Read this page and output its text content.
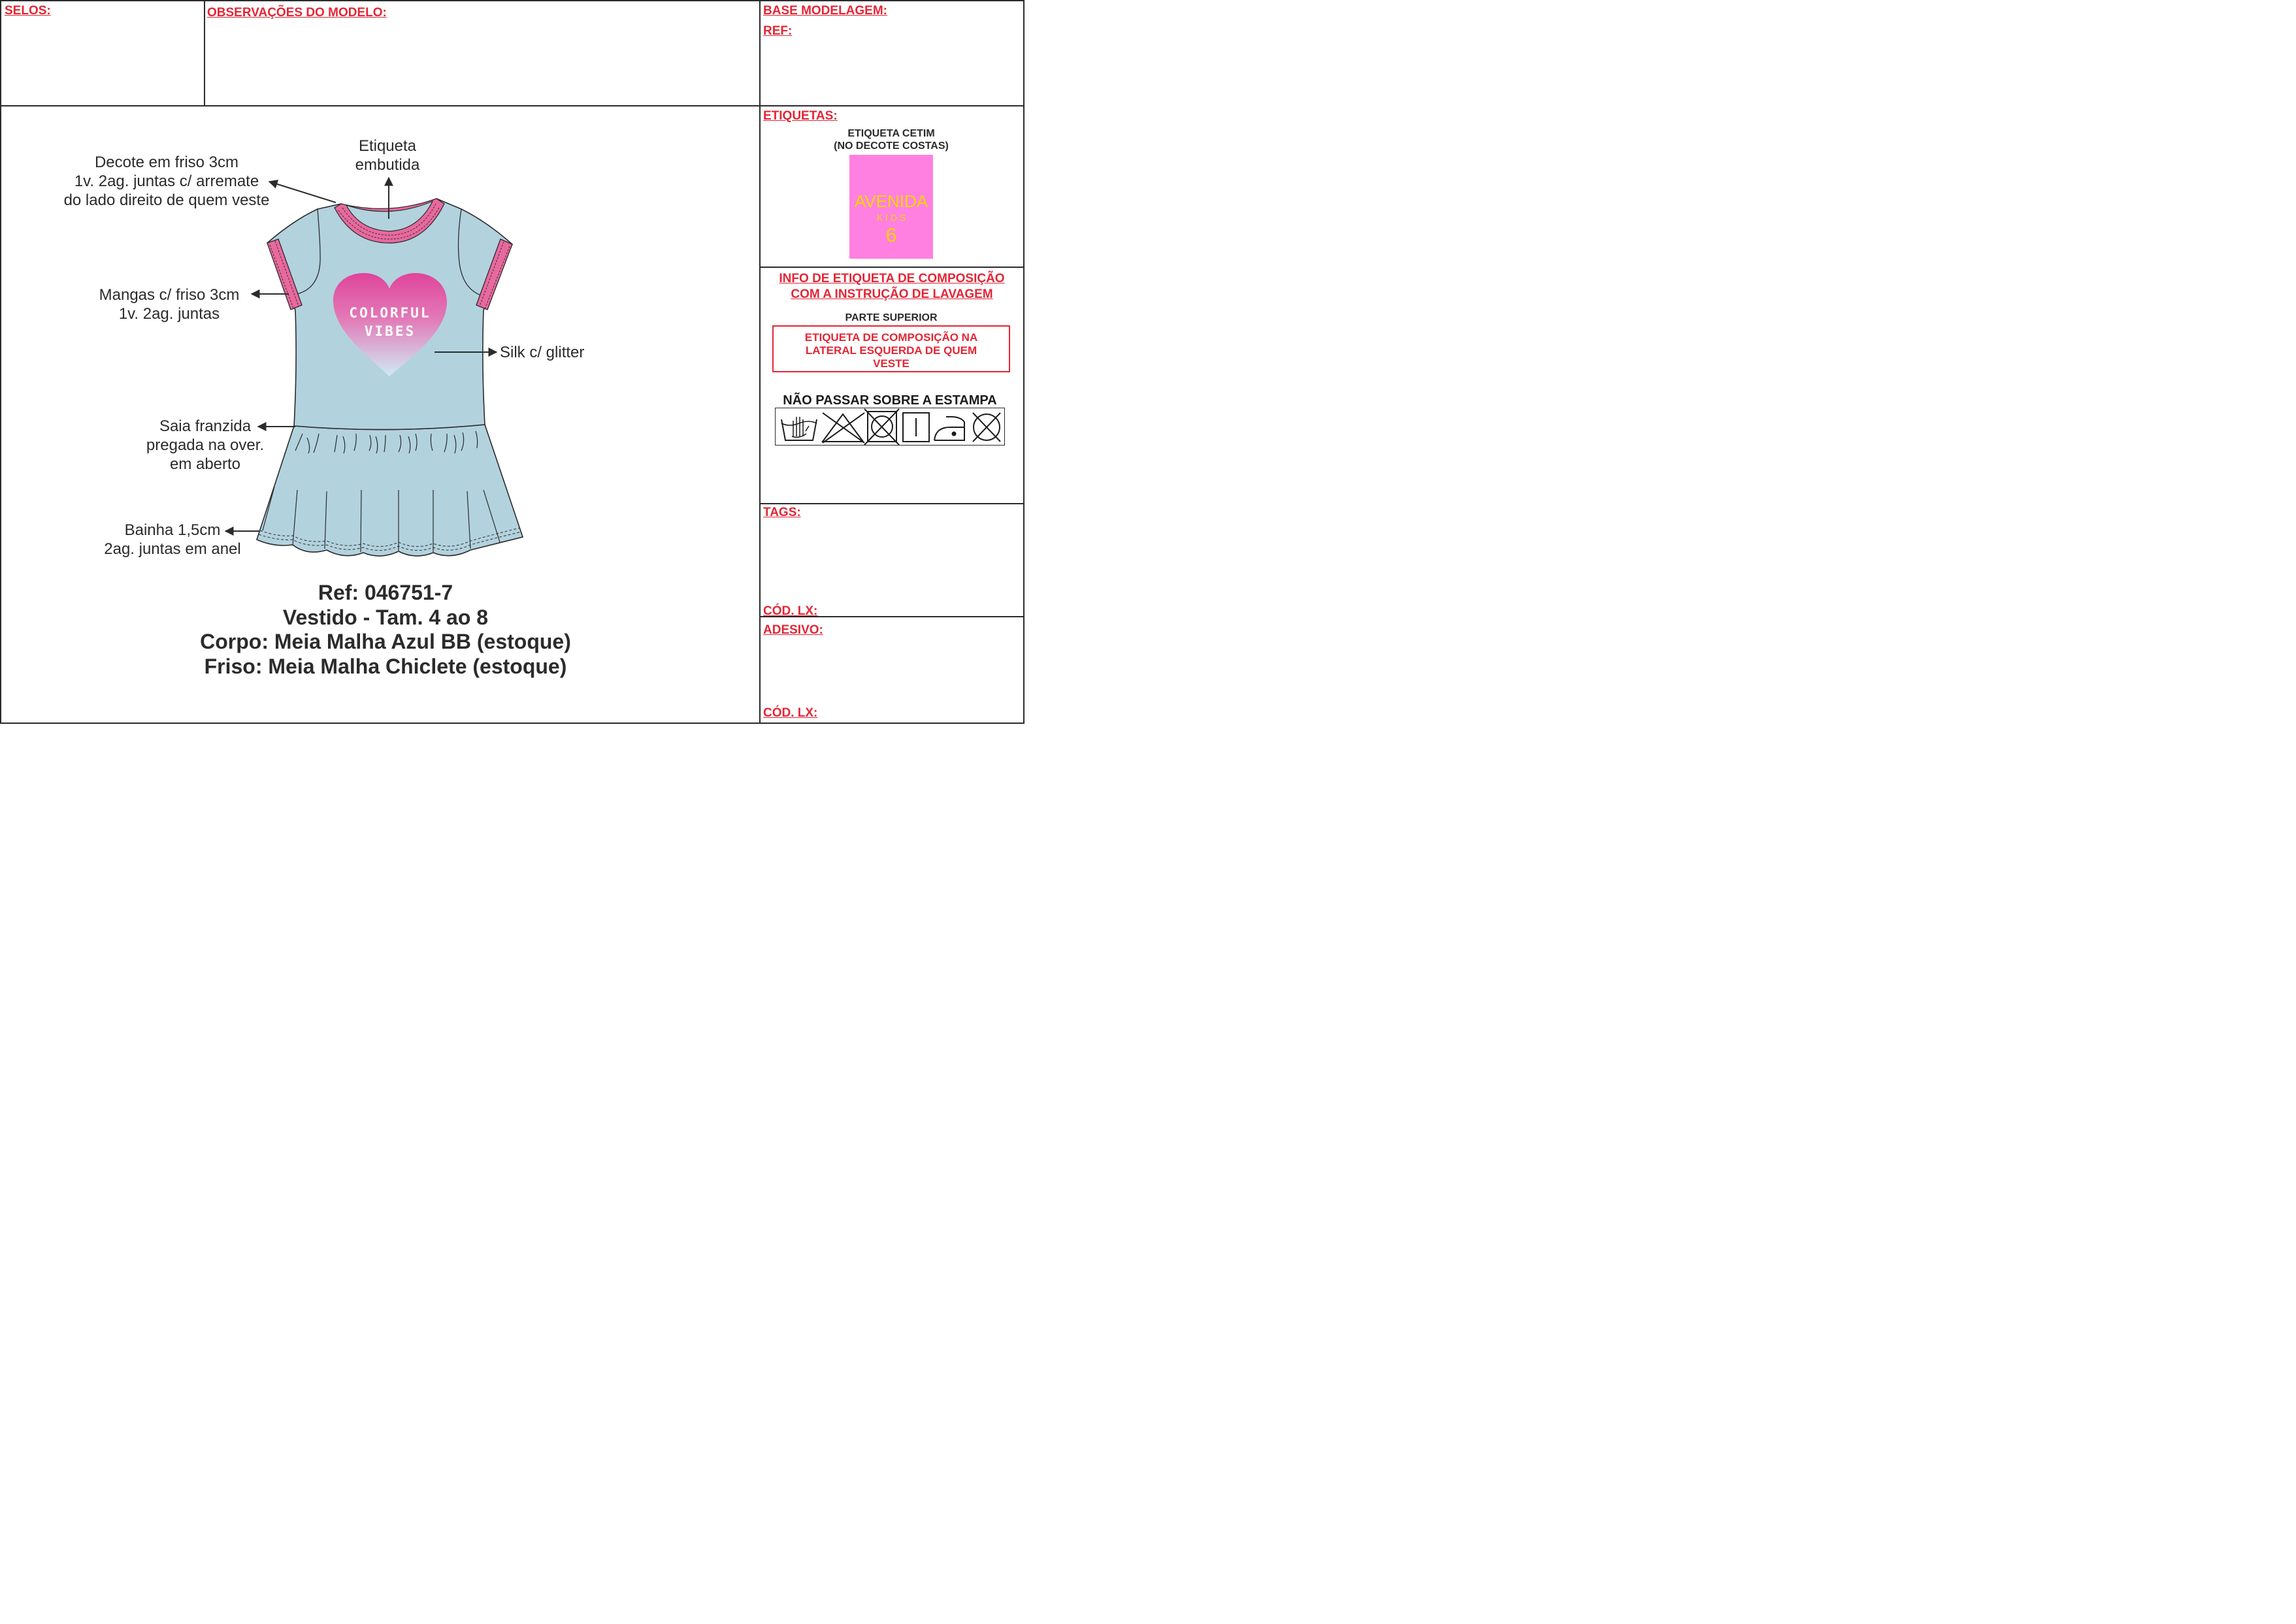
SELOS:	OBSERVAÇÕES DO MODELO:	BASE MODELAGEM:
REF:
COLORFUL
VIBES
Etiqueta
embutida
Decote em friso 3cm
1v. 2ag. juntas c/ arremate
do lado direito de quem veste
Mangas c/ friso 3cm
1v. 2ag. juntas
Silk c/ glitter
Saia franzida
pregada na over.
em aberto
Bainha 1,5cm
2ag. juntas em anel
Ref: 046751-7
Vestido - Tam. 4 ao 8
Corpo: Meia Malha Azul BB (estoque)
Friso: Meia Malha Chiclete (estoque)
ETIQUETAS:
ETIQUETA CETIM
(NO DECOTE COSTAS)
AVENIDA
K I D S
6
INFO DE ETIQUETA DE COMPOSIÇÃO
COM A INSTRUÇÃO DE LAVAGEM
PARTE SUPERIOR
ETIQUETA DE COMPOSIÇÃO NA
LATERAL ESQUERDA DE QUEM
VESTE
NÃO PASSAR SOBRE A ESTAMPA
TAGS:
CÓD. LX:
ADESIVO:
CÓD. LX:
